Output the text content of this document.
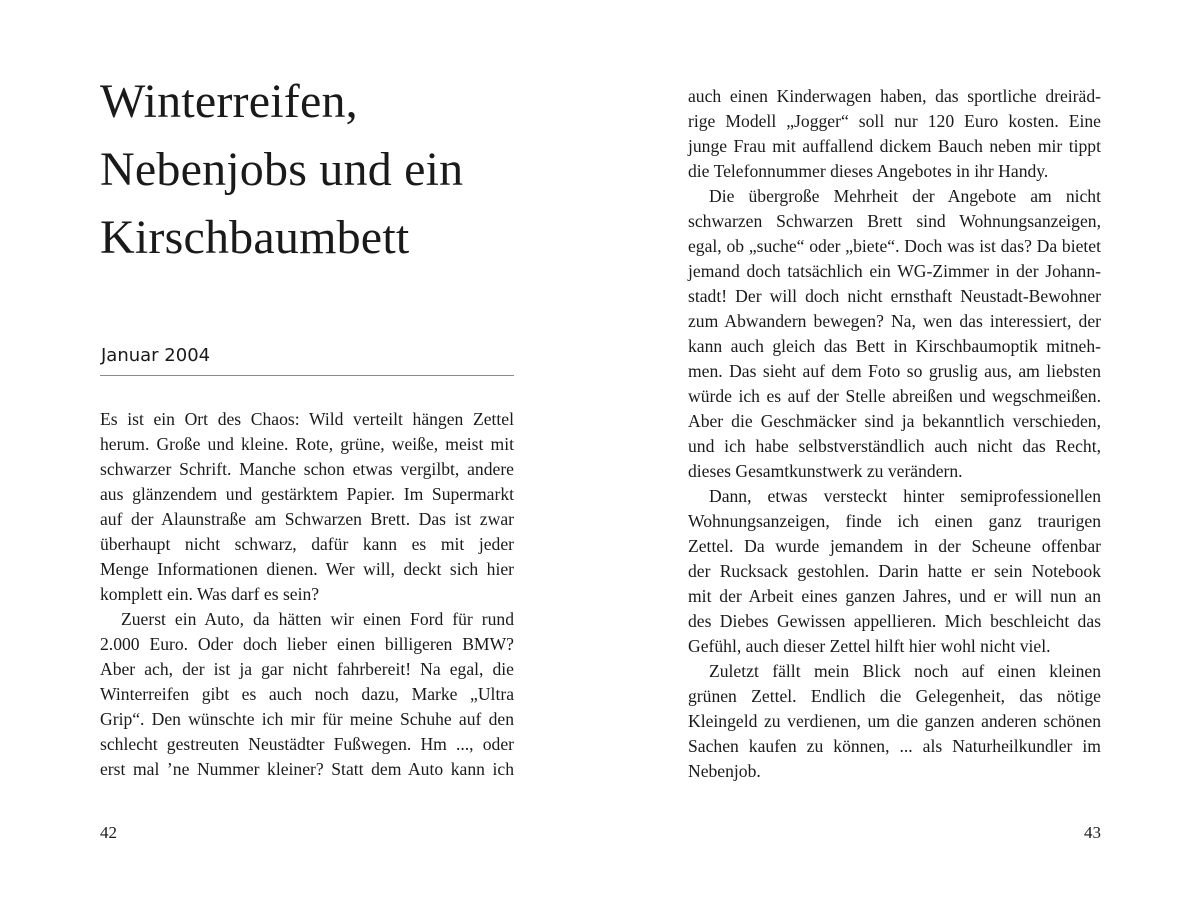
Winterreifen,
Nebenjobs und ein
Kirschbaumbett
Januar 2004
Es ist ein Ort des Chaos: Wild verteilt hängen Zettel
herum. Große und kleine. Rote, grüne, weiße, meist mit
schwarzer Schrift. Manche schon etwas vergilbt, andere
aus glänzendem und gestärktem Papier. Im Supermarkt
auf der Alaunstraße am Schwarzen Brett. Das ist zwar
überhaupt nicht schwarz, dafür kann es mit jeder
Menge Informationen dienen. Wer will, deckt sich hier
komplett ein. Was darf es sein?
Zuerst ein Auto, da hätten wir einen Ford für rund
2.000 Euro. Oder doch lieber einen billigeren BMW?
Aber ach, der ist ja gar nicht fahrbereit! Na egal, die
Winterreifen gibt es auch noch dazu, Marke „Ultra
Grip“. Den wünschte ich mir für meine Schuhe auf den
schlecht gestreuten Neustädter Fußwegen. Hm ..., oder
erst mal ’ne Nummer kleiner? Statt dem Auto kann ich

42

auch einen Kinderwagen haben, das sportliche dreiräd-
rige Modell „Jogger“ soll nur 120 Euro kosten. Eine
junge Frau mit auffallend dickem Bauch neben mir tippt
die Telefonnummer dieses Angebotes in ihr Handy.
Die übergroße Mehrheit der Angebote am nicht
schwarzen Schwarzen Brett sind Wohnungsanzeigen,
egal, ob „suche“ oder „biete“. Doch was ist das? Da bietet
jemand doch tatsächlich ein WG-Zimmer in der Johann-
stadt! Der will doch nicht ernsthaft Neustadt-Bewohner
zum Abwandern bewegen? Na, wen das interessiert, der
kann auch gleich das Bett in Kirschbaumoptik mitneh-
men. Das sieht auf dem Foto so gruslig aus, am liebsten
würde ich es auf der Stelle abreißen und wegschmeißen.
Aber die Geschmäcker sind ja bekanntlich verschieden,
und ich habe selbstverständlich auch nicht das Recht,
dieses Gesamtkunstwerk zu verändern.
Dann, etwas versteckt hinter semiprofessionellen
Wohnungsanzeigen, finde ich einen ganz traurigen
Zettel. Da wurde jemandem in der Scheune offenbar
der Rucksack gestohlen. Darin hatte er sein Notebook
mit der Arbeit eines ganzen Jahres, und er will nun an
des Diebes Gewissen appellieren. Mich beschleicht das
Gefühl, auch dieser Zettel hilft hier wohl nicht viel.
Zuletzt fällt mein Blick noch auf einen kleinen
grünen Zettel. Endlich die Gelegenheit, das nötige
Kleingeld zu verdienen, um die ganzen anderen schönen
Sachen kaufen zu können, ... als Naturheilkundler im
Nebenjob.

43
